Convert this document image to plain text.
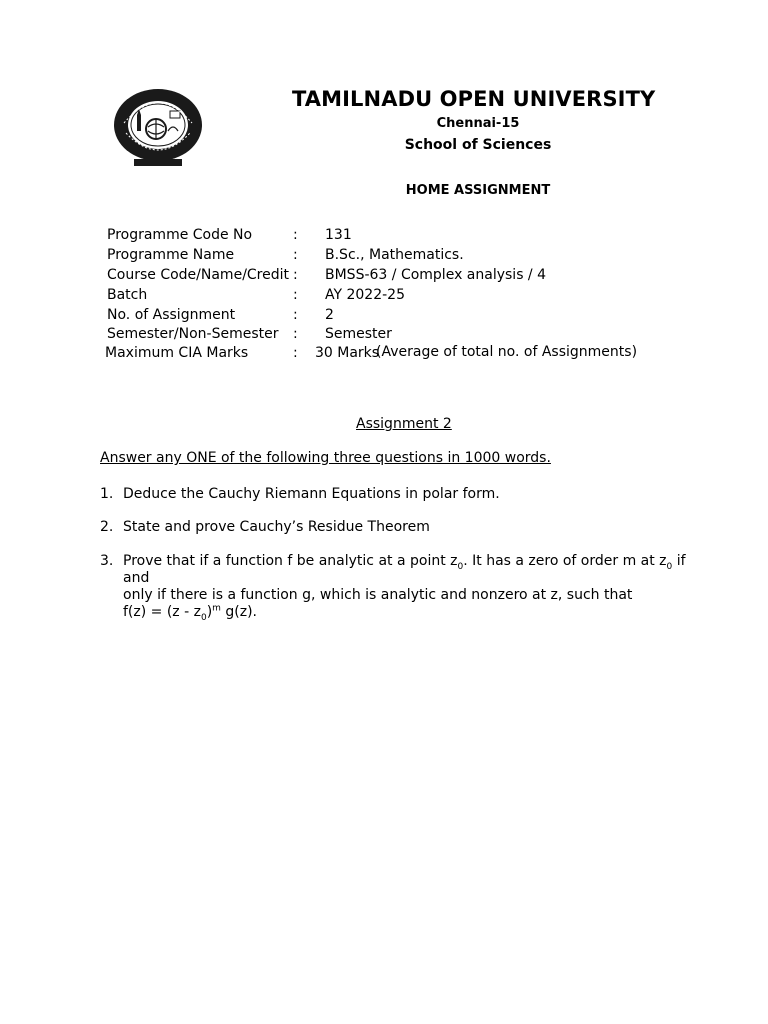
TAMILNADU OPEN UNIVERSITY
Chennai-15
School of Sciences
HOME ASSIGNMENT
Programme Code No	: 131
Programme Name	: B.Sc., Mathematics.
Course Code/Name/Credit : BMSS-63 / Complex analysis / 4
Batch	: AY 2022-25
No. of Assignment	: 2
Semester/Non-Semester : Semester
Maximum CIA Marks	: 30 Marks
(Average of total no. of Assignments)
Assignment 2
Answer any ONE of the following three questions in 1000 words.
1. Deduce the Cauchy Riemann Equations in polar form.
2. State and prove Cauchy’s Residue Theorem
3. Prove that if a function f be analytic at a point $z_0$. It has a zero of order m at $z_0$ if and
only if there is a function g, which is analytic and nonzero at z, such that
$f(z) = (z - z_0)^m$ g(z).
